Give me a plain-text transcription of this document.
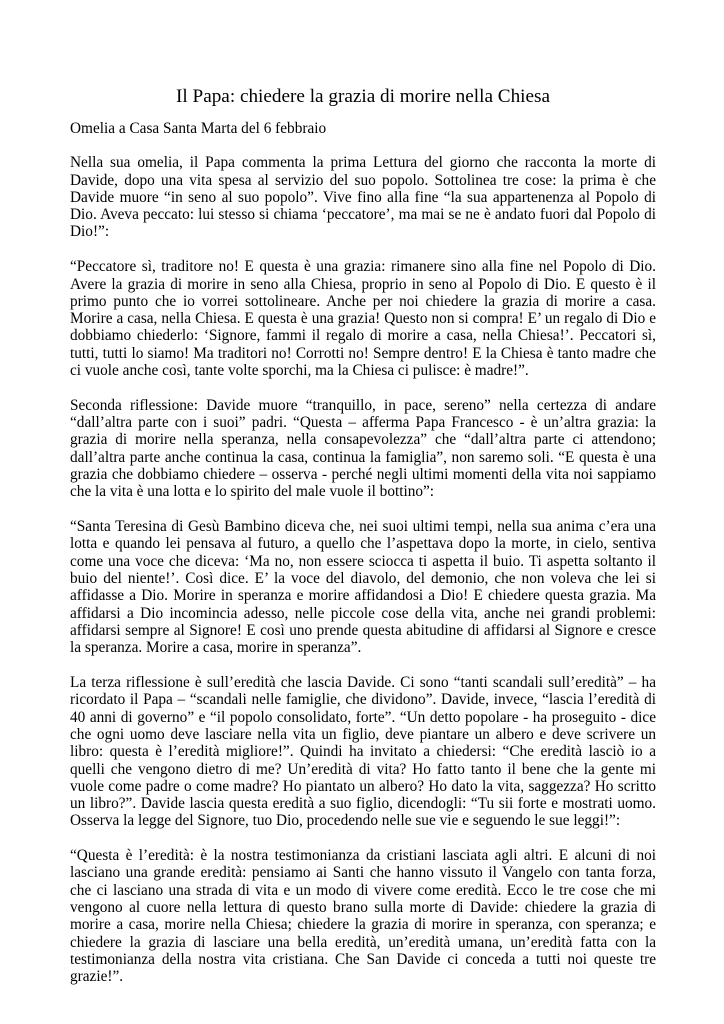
Il Papa: chiedere la grazia di morire nella Chiesa

Omelia a Casa Santa Marta del 6 febbraio

Nella sua omelia, il Papa commenta la prima Lettura del giorno che racconta la morte di Davide, dopo una vita spesa al servizio del suo popolo. Sottolinea tre cose: la prima è che Davide muore “in seno al suo popolo”. Vive fino alla fine “la sua appartenenza al Popolo di Dio. Aveva peccato: lui stesso si chiama ‘peccatore’, ma mai se ne è andato fuori dal Popolo di Dio!”:

“Peccatore sì, traditore no! E questa è una grazia: rimanere sino alla fine nel Popolo di Dio. Avere la grazia di morire in seno alla Chiesa, proprio in seno al Popolo di Dio. E questo è il primo punto che io vorrei sottolineare. Anche per noi chiedere la grazia di morire a casa. Morire a casa, nella Chiesa. E questa è una grazia! Questo non si compra! E’ un regalo di Dio e dobbiamo chiederlo: ‘Signore, fammi il regalo di morire a casa, nella Chiesa!’. Peccatori sì, tutti, tutti lo siamo! Ma traditori no! Corrotti no! Sempre dentro! E la Chiesa è tanto madre che ci vuole anche così, tante volte sporchi, ma la Chiesa ci pulisce: è madre!”.

Seconda riflessione: Davide muore “tranquillo, in pace, sereno” nella certezza di andare “dall’altra parte con i suoi” padri. “Questa – afferma Papa Francesco - è un’altra grazia: la grazia di morire nella speranza, nella consapevolezza” che “dall’altra parte ci attendono; dall’altra parte anche continua la casa, continua la famiglia”, non saremo soli. “E questa è una grazia che dobbiamo chiedere – osserva - perché negli ultimi momenti della vita noi sappiamo che la vita è una lotta e lo spirito del male vuole il bottino”:

“Santa Teresina di Gesù Bambino diceva che, nei suoi ultimi tempi, nella sua anima c’era una lotta e quando lei pensava al futuro, a quello che l’aspettava dopo la morte, in cielo, sentiva come una voce che diceva: ‘Ma no, non essere sciocca ti aspetta il buio. Ti aspetta soltanto il buio del niente!’. Così dice. E’ la voce del diavolo, del demonio, che non voleva che lei si affidasse a Dio. Morire in speranza e morire affidandosi a Dio! E chiedere questa grazia. Ma affidarsi a Dio incomincia adesso, nelle piccole cose della vita, anche nei grandi problemi: affidarsi sempre al Signore! E così uno prende questa abitudine di affidarsi al Signore e cresce la speranza. Morire a casa, morire in speranza”.

La terza riflessione è sull’eredità che lascia Davide. Ci sono “tanti scandali sull’eredità” – ha ricordato il Papa – “scandali nelle famiglie, che dividono”. Davide, invece, “lascia l’eredità di 40 anni di governo” e “il popolo consolidato, forte”. “Un detto popolare - ha proseguito - dice che ogni uomo deve lasciare nella vita un figlio, deve piantare un albero e deve scrivere un libro: questa è l’eredità migliore!”. Quindi ha invitato a chiedersi: “Che eredità lasciò io a quelli che vengono dietro di me? Un’eredità di vita? Ho fatto tanto il bene che la gente mi vuole come padre o come madre? Ho piantato un albero? Ho dato la vita, saggezza? Ho scritto un libro?”. Davide lascia questa eredità a suo figlio, dicendogli: “Tu sii forte e mostrati uomo. Osserva la legge del Signore, tuo Dio, procedendo nelle sue vie e seguendo le sue leggi!”:

“Questa è l’eredità: è la nostra testimonianza da cristiani lasciata agli altri. E alcuni di noi lasciano una grande eredità: pensiamo ai Santi che hanno vissuto il Vangelo con tanta forza, che ci lasciano una strada di vita e un modo di vivere come eredità. Ecco le tre cose che mi vengono al cuore nella lettura di questo brano sulla morte di Davide: chiedere la grazia di morire a casa, morire nella Chiesa; chiedere la grazia di morire in speranza, con speranza; e chiedere la grazia di lasciare una bella eredità, un’eredità umana, un’eredità fatta con la testimonianza della nostra vita cristiana. Che San Davide ci conceda a tutti noi queste tre grazie!”.
